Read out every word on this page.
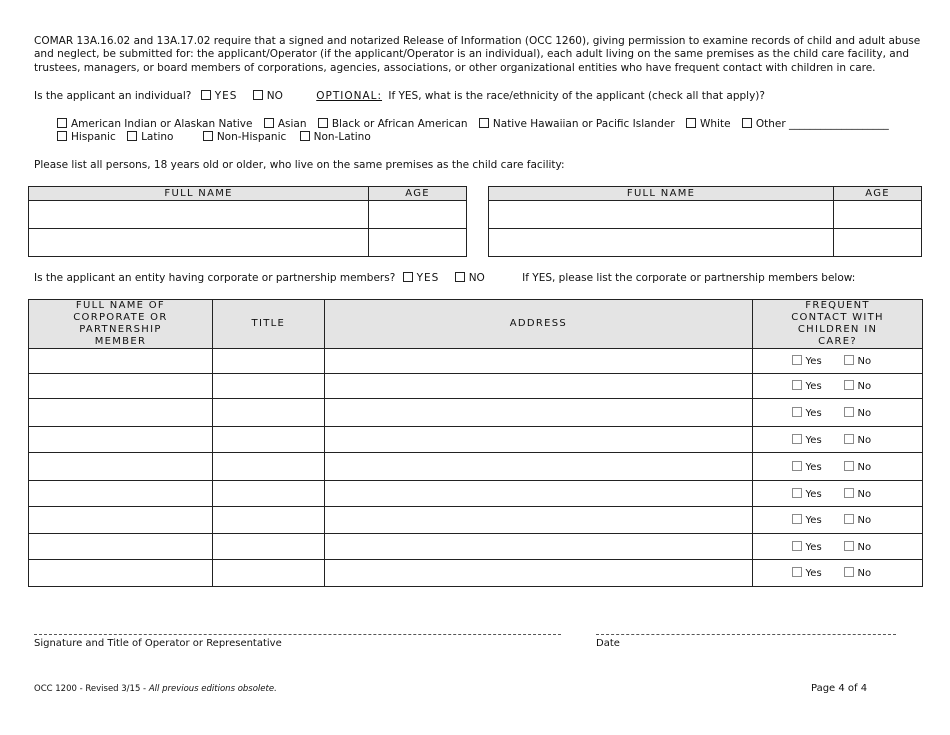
COMAR 13A.16.02 and 13A.17.02 require that a signed and notarized Release of Information (OCC 1260), giving permission to examine records of child and adult abuse and neglect, be submitted for: the applicant/Operator (if the applicant/Operator is an individual), each adult living on the same premises as the child care facility, and trustees, managers, or board members of corporations, agencies, associations, or other organizational entities who have frequent contact with children in care.
Is the applicant an individual? YES	NO	OPTIONAL: If YES, what is the race/ethnicity of the applicant (check all that apply)?
American Indian or Alaskan Native Asian Black or African American Native Hawaiian or Pacific Islander White Other ___________________
Hispanic Latino	Non-Hispanic	Non-Latino
Please list all persons, 18 years old or older, who live on the same premises as the child care facility:
FULL NAME	AGE

		FULL NAME	AGE

Is the applicant an entity having corporate or partnership members? YES	NO	If YES, please list the corporate or partnership members below:
FULL NAME OF CORPORATE OR PARTNERSHIP MEMBER	TITLE	ADDRESS	FREQUENT CONTACT WITH CHILDREN IN CARE?
			Yes No
			Yes No
			Yes No
			Yes No
			Yes No
			Yes No
			Yes No
			Yes No
			Yes No
Signature and Title of Operator or Representative	Date
OCC 1200 - Revised 3/15 - All previous editions obsolete.	Page 4 of 4
